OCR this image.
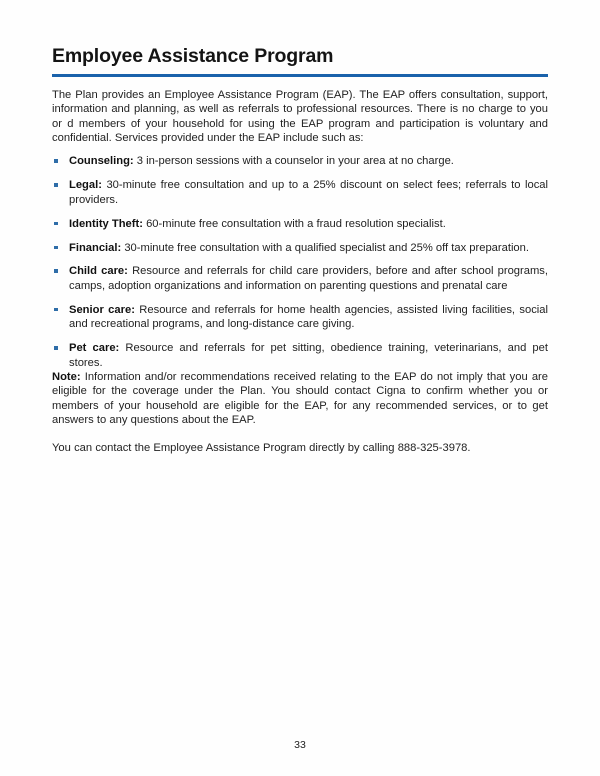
Employee Assistance Program

The Plan provides an Employee Assistance Program (EAP). The EAP offers consultation, support, information and planning, as well as referrals to professional resources. There is no charge to you or d members of your household for using the EAP program and participation is voluntary and confidential. Services provided under the EAP include such as:

Counseling: 3 in-person sessions with a counselor in your area at no charge.
Legal: 30-minute free consultation and up to a 25% discount on select fees; referrals to local providers.
Identity Theft: 60-minute free consultation with a fraud resolution specialist.
Financial: 30-minute free consultation with a qualified specialist and 25% off tax preparation.
Child care: Resource and referrals for child care providers, before and after school programs, camps, adoption organizations and information on parenting questions and prenatal care
Senior care: Resource and referrals for home health agencies, assisted living facilities, social and recreational programs, and long-distance care giving.
Pet care: Resource and referrals for pet sitting, obedience training, veterinarians, and pet stores.

Note: Information and/or recommendations received relating to the EAP do not imply that you are eligible for the coverage under the Plan. You should contact Cigna to confirm whether you or members of your household are eligible for the EAP, for any recommended services, or to get answers to any questions about the EAP.

You can contact the Employee Assistance Program directly by calling 888-325-3978.

33
